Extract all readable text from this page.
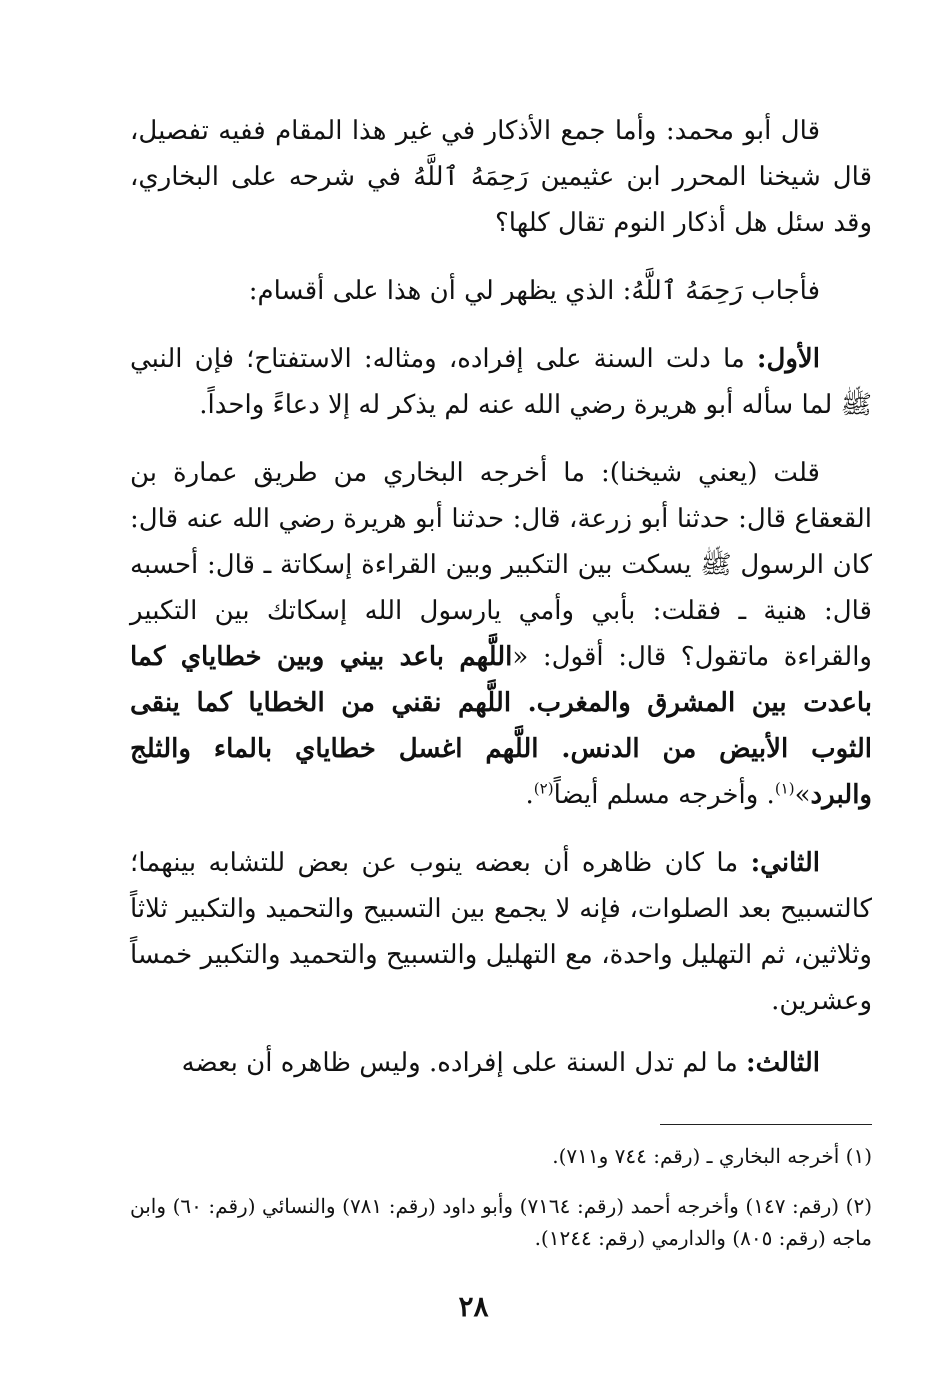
قال أبو محمد: وأما جمع الأذكار في غير هذا المقام ففيه تفصيل، قال شيخنا المحرر ابن عثيمين رَحِمَهُ ٱللَّهُ في شرحه على البخاري، وقد سئل هل أذكار النوم تقال كلها؟

فأجاب رَحِمَهُ ٱللَّهُ: الذي يظهر لي أن هذا على أقسام:

الأول: ما دلت السنة على إفراده، ومثاله: الاستفتاح؛ فإن النبي ﷺ لما سأله أبو هريرة رضي الله عنه لم يذكر له إلا دعاءً واحداً.

قلت (يعني شيخنا): ما أخرجه البخاري من طريق عمارة بن القعقاع قال: حدثنا أبو زرعة، قال: حدثنا أبو هريرة رضي الله عنه قال: كان الرسول ﷺ يسكت بين التكبير وبين القراءة إسكاتة ـ قال: أحسبه قال: هنية ـ فقلت: بأبي وأمي يارسول الله إسكاتك بين التكبير والقراءة ماتقول؟ قال: أقول: «اللَّهم باعد بيني وبين خطاياي كما باعدت بين المشرق والمغرب. اللَّهم نقني من الخطايا كما ينقى الثوب الأبيض من الدنس. اللَّهم اغسل خطاياي بالماء والثلج والبرد»$^{(١)}$. وأخرجه مسلم أيضاً$^{(٢)}$.

الثاني: ما كان ظاهره أن بعضه ينوب عن بعض للتشابه بينهما؛ كالتسبيح بعد الصلوات، فإنه لا يجمع بين التسبيح والتحميد والتكبير ثلاثاً وثلاثين، ثم التهليل واحدة، مع التهليل والتسبيح والتحميد والتكبير خمساً وعشرين.

الثالث: ما لم تدل السنة على إفراده. وليس ظاهره أن بعضه

(١) أخرجه البخاري ـ (رقم: ٧٤٤ و٧١١).

(٢) (رقم: ١٤٧) وأخرجه أحمد (رقم: ٧١٦٤) وأبو داود (رقم: ٧٨١) والنسائي (رقم: ٦٠) وابن ماجه (رقم: ٨٠٥) والدارمي (رقم: ١٢٤٤).

٢٨
